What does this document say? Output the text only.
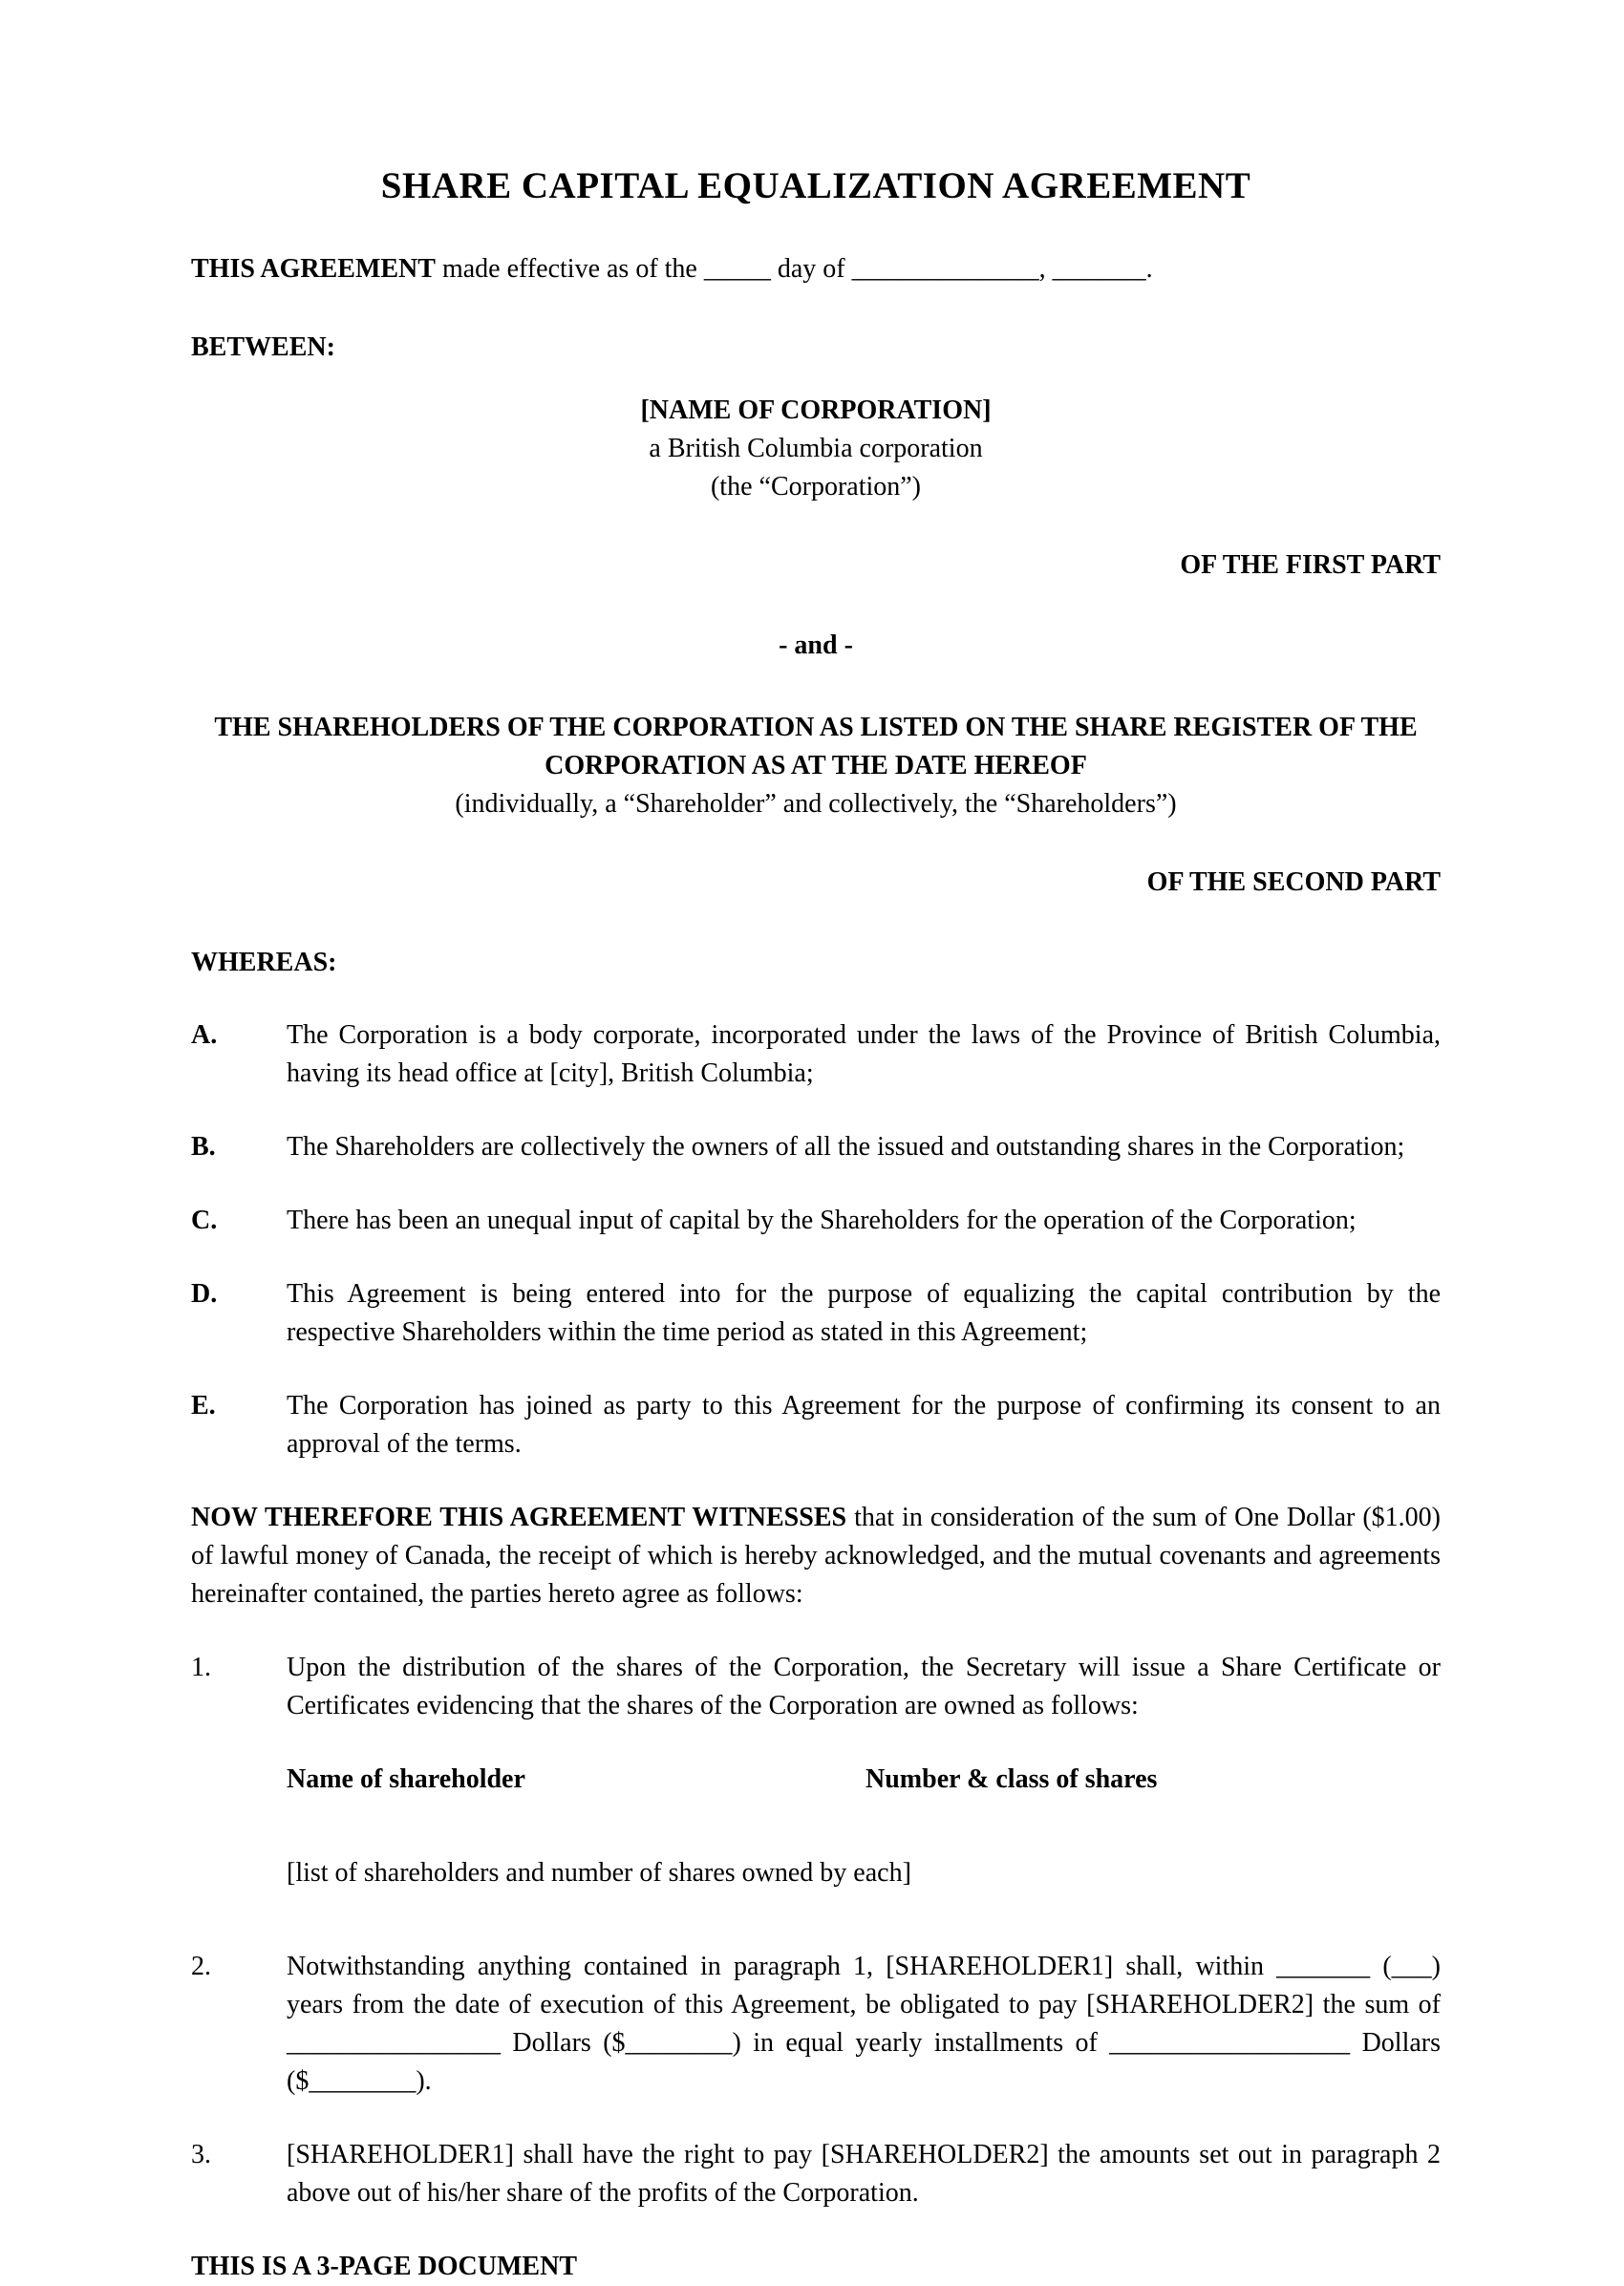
SHARE CAPITAL EQUALIZATION AGREEMENT

THIS AGREEMENT made effective as of the _____ day of ______________, _______.

BETWEEN:

[NAME OF CORPORATION]
a British Columbia corporation
(the “Corporation”)
OF THE FIRST PART
- and -
THE SHAREHOLDERS OF THE CORPORATION AS LISTED ON THE SHARE REGISTER OF THE CORPORATION AS AT THE DATE HEREOF
(individually, a “Shareholder” and collectively, the “Shareholders”)
OF THE SECOND PART

WHEREAS:

A.	The Corporation is a body corporate, incorporated under the laws of the Province of British Columbia, having its head office at [city], British Columbia;
B.	The Shareholders are collectively the owners of all the issued and outstanding shares in the Corporation;
C.	There has been an unequal input of capital by the Shareholders for the operation of the Corporation;
D.	This Agreement is being entered into for the purpose of equalizing the capital contribution by the respective Shareholders within the time period as stated in this Agreement;
E.	The Corporation has joined as party to this Agreement for the purpose of confirming its consent to an approval of the terms.

NOW THEREFORE THIS AGREEMENT WITNESSES that in consideration of the sum of One Dollar ($1.00) of lawful money of Canada, the receipt of which is hereby acknowledged, and the mutual covenants and agreements hereinafter contained, the parties hereto agree as follows:

1.	Upon the distribution of the shares of the Corporation, the Secretary will issue a Share Certificate or Certificates evidencing that the shares of the Corporation are owned as follows:
Name of shareholder	Number & class of shares
[list of shareholders and number of shares owned by each]
2.	Notwithstanding anything contained in paragraph 1, [SHAREHOLDER1] shall, within _______ (___) years from the date of execution of this Agreement, be obligated to pay [SHAREHOLDER2] the sum of ________________ Dollars ($________) in equal yearly installments of __________________ Dollars ($________).
3.	[SHAREHOLDER1] shall have the right to pay [SHAREHOLDER2] the amounts set out in paragraph 2 above out of his/her share of the profits of the Corporation.

THIS IS A 3-PAGE DOCUMENT
